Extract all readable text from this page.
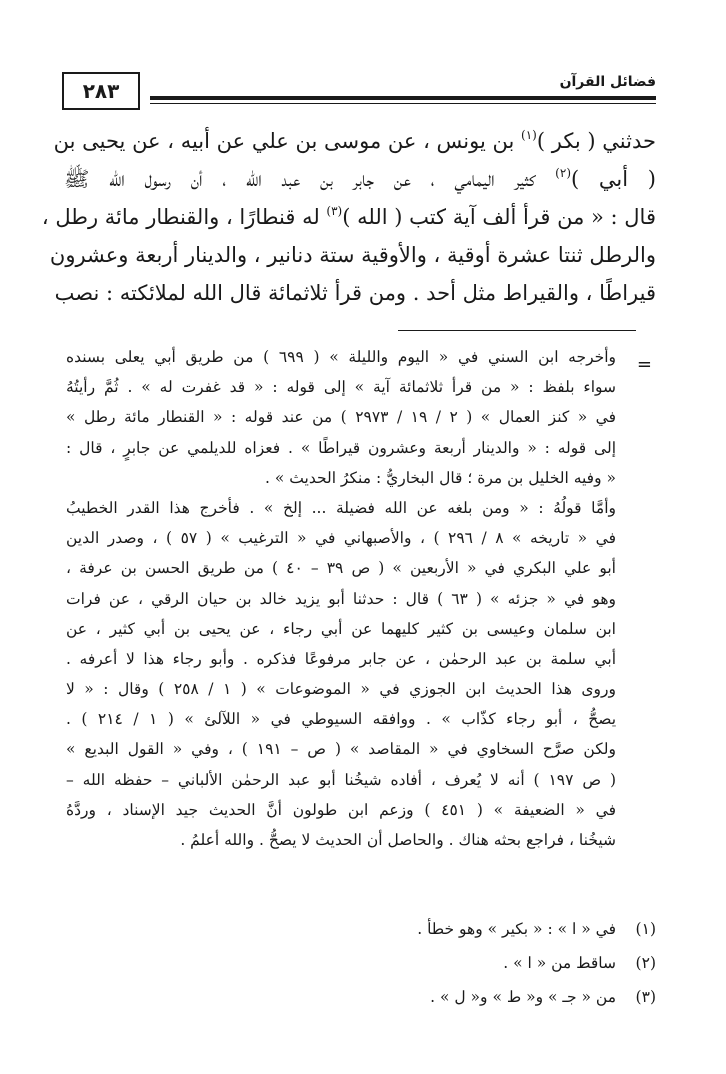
٢٨٣	فضائل القرآن
حدثني ( بكر )$^{(١)}$ بن يونس ، عن موسى بن علي عن أبيه ، عن يحيى بن
( أبي )$^{(٢)}$ كثير اليمامي ، عن جابر بن عبد الله ، أن رسول الله ﷺ
قال : « من قرأ ألف آية كتب ( الله )$^{(٣)}$ له قنطارًا ، والقنطار مائة رطل ،
والرطل ثنتا عشرة أوقية ، والأوقية ستة دنانير ، والدينار أربعة وعشرون
قيراطًا ، والقيراط مثل أحد . ومن قرأ ثلاثمائة قال الله لملائكته : نصب
=
وأخرجه ابن السني في « اليوم والليلة » ( ٦٩٩ ) من طريق أبي يعلى بسنده
سواء بلفظ : « من قرأ ثلاثمائة آية » إلى قوله : « قد غفرت له » . ثُمَّ رأيتُهُ
في « كنز العمال » ( ٢ / ١٩ / ٢٩٧٣ ) من عند قوله : « القنطار مائة رطل »
إلى قوله : « والدينار أربعة وعشرون قيراطًا » . فعزاه للديلمي عن جابرٍ ، قال :
« وفيه الخليل بن مرة ؛ قال البخاريُّ : منكرُ الحديث » .
وأمَّا قولُهُ : « ومن بلغه عن الله فضيلة ... إلخ » . فأخرج هذا القدر الخطيبُ
في « تاريخه » ٨ / ٢٩٦ ) ، والأصبهاني في « الترغيب » ( ٥٧ ) ، وصدر الدين
أبو علي البكري في « الأربعين » ( ص ٣٩ – ٤٠ ) من طريق الحسن بن عرفة ،
وهو في « جزئه » ( ٦٣ ) قال : حدثنا أبو يزيد خالد بن حيان الرقي ، عن فرات
ابن سلمان وعيسى بن كثير كليهما عن أبي رجاء ، عن يحيى بن أبي كثير ، عن
أبي سلمة بن عبد الرحمٰن ، عن جابر مرفوعًا فذكره . وأبو رجاء هذا لا أعرفه .
وروى هذا الحديث ابن الجوزي في « الموضوعات » ( ١ / ٢٥٨ ) وقال : « لا
يصحُّ ، أبو رجاء كذّاب » . ووافقه السيوطي في « اللآلئ » ( ١ / ٢١٤ ) .
ولكن صرَّح السخاوي في « المقاصد » ( ص – ١٩١ ) ، وفي « القول البديع »
( ص ١٩٧ ) أنه لا يُعرف ، أفاده شيخُنا أبو عبد الرحمٰن الألباني – حفظه الله –
في « الضعيفة » ( ٤٥١ ) وزعم ابن طولون أنَّ الحديث جيد الإسناد ، وردَّهُ
شيخُنا ، فراجع بحثه هناك . والحاصل أن الحديث لا يصحُّ . والله أعلمُ .
(١)
في « ا » : « بكير » وهو خطأ .
(٢)
ساقط من « ا » .
(٣)
من « جـ » و« ط » و« ل » .
